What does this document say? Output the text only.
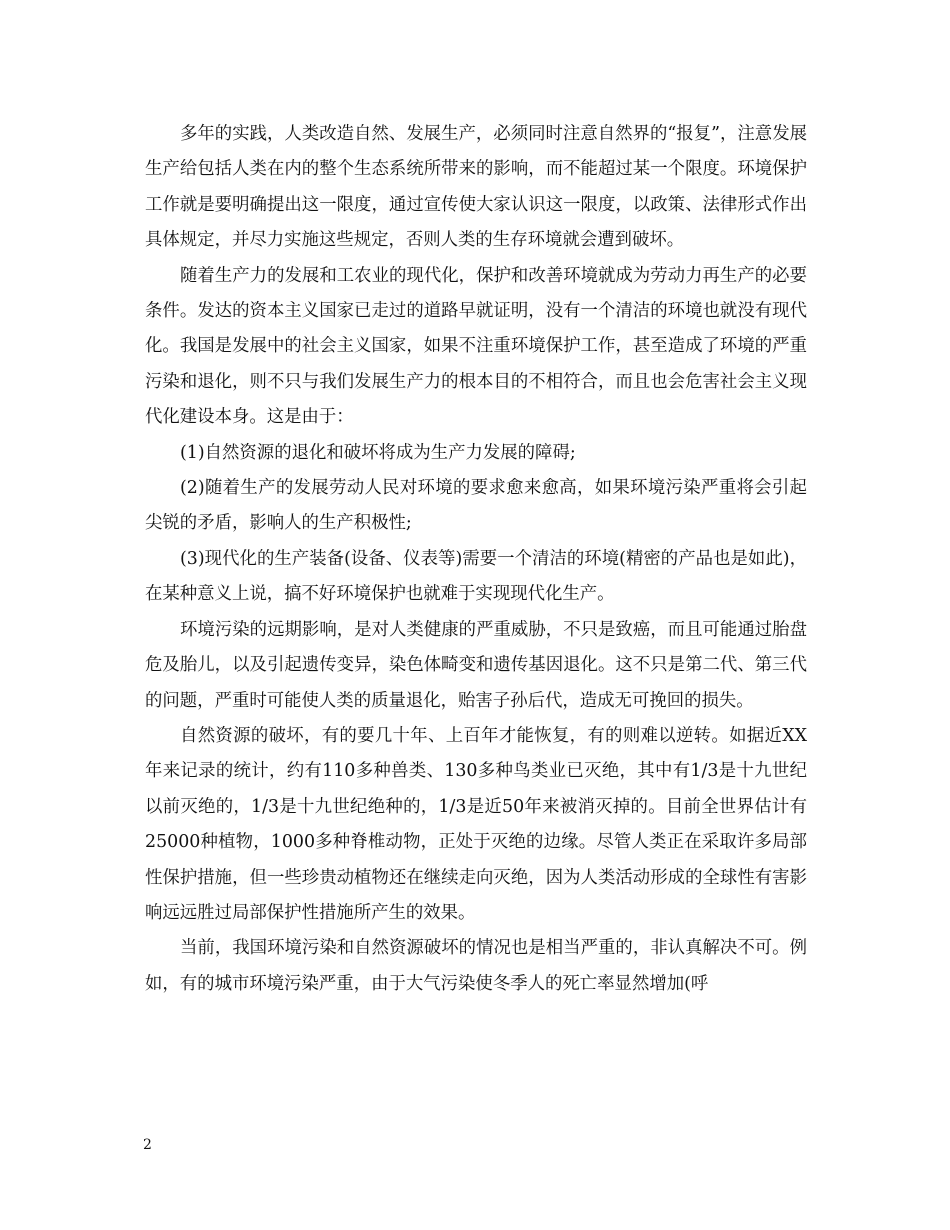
多年的实践，人类改造自然、发展生产，必须同时注意自然界的“报复”，注意发展生产给包括人类在内的整个生态系统所带来的影响，而不能超过某一个限度。环境保护工作就是要明确提出这一限度，通过宣传使大家认识这一限度，以政策、法律形式作出具体规定，并尽力实施这些规定，否则人类的生存环境就会遭到破坏。

随着生产力的发展和工农业的现代化，保护和改善环境就成为劳动力再生产的必要条件。发达的资本主义国家已走过的道路早就证明，没有一个清洁的环境也就没有现代化。我国是发展中的社会主义国家，如果不注重环境保护工作，甚至造成了环境的严重污染和退化，则不只与我们发展生产力的根本目的不相符合，而且也会危害社会主义现代化建设本身。这是由于：

(1)自然资源的退化和破坏将成为生产力发展的障碍;

(2)随着生产的发展劳动人民对环境的要求愈来愈高，如果环境污染严重将会引起尖锐的矛盾，影响人的生产积极性;

(3)现代化的生产装备(设备、仪表等)需要一个清洁的环境(精密的产品也是如此)，在某种意义上说，搞不好环境保护也就难于实现现代化生产。

环境污染的远期影响，是对人类健康的严重威胁，不只是致癌，而且可能通过胎盘危及胎儿，以及引起遗传变异，染色体畸变和遗传基因退化。这不只是第二代、第三代的问题，严重时可能使人类的质量退化，贻害子孙后代，造成无可挽回的损失。

自然资源的破坏，有的要几十年、上百年才能恢复，有的则难以逆转。如据近XX年来记录的统计，约有110多种兽类、130多种鸟类业已灭绝，其中有1/3是十九世纪以前灭绝的，1/3是十九世纪绝种的，1/3是近50年来被消灭掉的。目前全世界估计有25000种植物，1000多种脊椎动物，正处于灭绝的边缘。尽管人类正在采取许多局部性保护措施，但一些珍贵动植物还在继续走向灭绝，因为人类活动形成的全球性有害影响远远胜过局部保护性措施所产生的效果。

当前，我国环境污染和自然资源破坏的情况也是相当严重的，非认真解决不可。例如，有的城市环境污染严重，由于大气污染使冬季人的死亡率显然增加(呼

2
